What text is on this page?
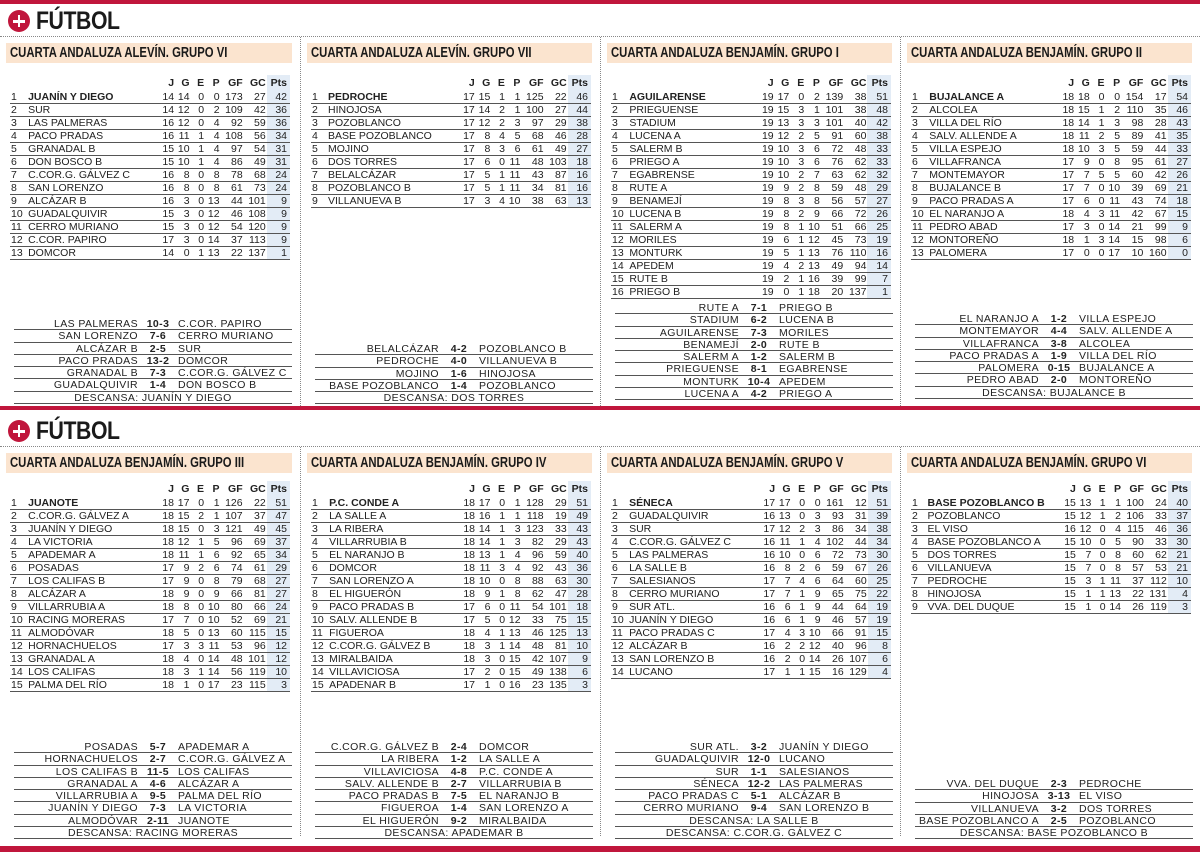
FÚTBOL
FÚTBOL
CUARTA ANDALUZA ALEVÍN. GRUPO VI
		J	G	E	P	GF	GC	Pts
1	JUANÍN Y DIEGO	14	14	0	0	173	27	42
2	SUR	14	12	0	2	109	42	36
3	LAS PALMERAS	16	12	0	4	92	59	36
4	PACO PRADAS	16	11	1	4	108	56	34
5	GRANADAL B	15	10	1	4	97	54	31
6	DON BOSCO B	15	10	1	4	86	49	31
7	C.COR.G. GÁLVEZ C	16	8	0	8	78	68	24
8	SAN LORENZO	16	8	0	8	61	73	24
9	ALCÁZAR B	16	3	0	13	44	101	9
10	GUADALQUIVIR	15	3	0	12	46	108	9
11	CERRO MURIANO	15	3	0	12	54	120	9
12	C.COR. PAPIRO	17	3	0	14	37	113	9
13	DOMCOR	14	0	1	13	22	137	1
LAS PALMERAS 10-3 C.COR. PAPIRO
SAN LORENZO	7-6	CERRO MURIANO
ALCÁZAR B	2-5	SUR
PACO PRADAS 13-2 DOMCOR
GRANADAL B	7-3	C.COR.G. GÁLVEZ C
GUADALQUIVIR	1-4	DON BOSCO B
DESCANSA: JUANÍN Y DIEGO
CUARTA ANDALUZA ALEVÍN. GRUPO VII
		J	G	E	P	GF	GC	Pts
1	PEDROCHE	17	15	1	1	125	22	46
2	HINOJOSA	17	14	2	1	100	27	44
3	POZOBLANCO	17	12	2	3	97	29	38
4	BASE POZOBLANCO	17	8	4	5	68	46	28
5	MOJINO	17	8	3	6	61	49	27
6	DOS TORRES	17	6	0	11	48	103	18
7	BELALCÁZAR	17	5	1	11	43	87	16
8	POZOBLANCO B	17	5	1	11	34	81	16
9	VILLANUEVA B	17	3	4	10	38	63	13
BELALCÁZAR	4-2	POZOBLANCO B
PEDROCHE	4-0	VILLANUEVA B
MOJINO	1-6	HINOJOSA
BASE POZOBLANCO	1-4	POZOBLANCO
DESCANSA: DOS TORRES
CUARTA ANDALUZA BENJAMÍN. GRUPO I
		J	G	E	P	GF	GC	Pts
1	AGUILARENSE	19	17	0	2	139	38	51
2	PRIEGUENSE	19	15	3	1	101	38	48
3	STADIUM	19	13	3	3	101	40	42
4	LUCENA A	19	12	2	5	91	60	38
5	SALERM B	19	10	3	6	72	48	33
6	PRIEGO A	19	10	3	6	76	62	33
7	EGABRENSE	19	10	2	7	63	62	32
8	RUTE A	19	9	2	8	59	48	29
9	BENAMEJÍ	19	8	3	8	56	57	27
10	LUCENA B	19	8	2	9	66	72	26
11	SALERM A	19	8	1	10	51	66	25
12	MORILES	19	6	1	12	45	73	19
13	MONTURK	19	5	1	13	76	110	16
14	APEDEM	19	4	2	13	49	94	14
15	RUTE B	19	2	1	16	39	99	7
16	PRIEGO B	19	0	1	18	20	137	1
RUTE A	7-1	PRIEGO B
STADIUM	6-2	LUCENA B
AGUILARENSE	7-3	MORILES
BENAMEJÍ	2-0	RUTE B
SALERM A	1-2	SALERM B
PRIEGUENSE	8-1	EGABRENSE
MONTURK 10-4 APEDEM
LUCENA A	4-2	PRIEGO A
CUARTA ANDALUZA BENJAMÍN. GRUPO II
		J	G	E	P	GF	GC	Pts
1	BUJALANCE A	18	18	0	0	154	17	54
2	ALCOLEA	18	15	1	2	110	35	46
3	VILLA DEL RÍO	18	14	1	3	98	28	43
4	SALV. ALLENDE A	18	11	2	5	89	41	35
5	VILLA ESPEJO	18	10	3	5	59	44	33
6	VILLAFRANCA	17	9	0	8	95	61	27
7	MONTEMAYOR	17	7	5	5	60	42	26
8	BUJALANCE B	17	7	0	10	39	69	21
9	PACO PRADAS A	17	6	0	11	43	74	18
10	EL NARANJO A	18	4	3	11	42	67	15
11	PEDRO ABAD	17	3	0	14	21	99	9
12	MONTOREÑO	18	1	3	14	15	98	6
13	PALOMERA	17	0	0	17	10	160	0
EL NARANJO A	1-2	VILLA ESPEJO
MONTEMAYOR	4-4	SALV. ALLENDE A
VILLAFRANCA	3-8	ALCOLEA
PACO PRADAS A	1-9	VILLA DEL RÍO
PALOMERA 0-15 BUJALANCE A
PEDRO ABAD	2-0	MONTOREÑO
DESCANSA: BUJALANCE B
CUARTA ANDALUZA BENJAMÍN. GRUPO III
		J	G	E	P	GF	GC	Pts
1	JUANOTE	18	17	0	1	126	22	51
2	C.COR.G. GÁLVEZ A	18	15	2	1	107	37	47
3	JUANÍN Y DIEGO	18	15	0	3	121	49	45
4	LA VICTORIA	18	12	1	5	96	69	37
5	APADEMAR A	18	11	1	6	92	65	34
6	POSADAS	17	9	2	6	74	61	29
7	LOS CALIFAS B	17	9	0	8	79	68	27
8	ALCÁZAR A	18	9	0	9	66	81	27
9	VILLARRUBIA A	18	8	0	10	80	66	24
10	RACING MORERAS	17	7	0	10	52	69	21
11	ALMODÓVAR	18	5	0	13	60	115	15
12	HORNACHUELOS	17	3	3	11	53	96	12
13	GRANADAL A	18	4	0	14	48	101	12
14	LOS CALIFAS	18	3	1	14	56	119	10
15	PALMA DEL RÍO	18	1	0	17	23	115	3
POSADAS	5-7	APADEMAR A
HORNACHUELOS	2-7	C.COR.G. GÁLVEZ A
LOS CALIFAS B 11-5 LOS CALIFAS
GRANADAL A	4-6	ALCÁZAR A
VILLARRUBIA A	9-5	PALMA DEL RÍO
JUANÍN Y DIEGO	7-3	LA VICTORIA
ALMODÓVAR 2-11 JUANOTE
DESCANSA: RACING MORERAS
CUARTA ANDALUZA BENJAMÍN. GRUPO IV
		J	G	E	P	GF	GC	Pts
1	P.C. CONDE A	18	17	0	1	128	29	51
2	LA SALLE A	18	16	1	1	118	19	49
3	LA RIBERA	18	14	1	3	123	33	43
4	VILLARRUBIA B	18	14	1	3	82	29	43
5	EL NARANJO B	18	13	1	4	96	59	40
6	DOMCOR	18	11	3	4	92	43	36
7	SAN LORENZO A	18	10	0	8	88	63	30
8	EL HIGUERÓN	18	9	1	8	62	47	28
9	PACO PRADAS B	17	6	0	11	54	101	18
10	SALV. ALLENDE B	17	5	0	12	33	75	15
11	FIGUEROA	18	4	1	13	46	125	13
12	C.COR.G. GÁLVEZ B	18	3	1	14	48	81	10
13	MIRALBAIDA	18	3	0	15	42	107	9
14	VILLAVICIOSA	17	2	0	15	49	138	6
15	APADENAR B	17	1	0	16	23	135	3
C.COR.G. GÁLVEZ B	2-4	DOMCOR
LA RIBERA	1-2	LA SALLE A
VILLAVICIOSA	4-8	P.C. CONDE A
SALV. ALLENDE B	2-7	VILLARRUBIA B
PACO PRADAS B	7-5	EL NARANJO B
FIGUEROA	1-4	SAN LORENZO A
EL HIGUERÓN	9-2	MIRALBAIDA
DESCANSA: APADEMAR B
CUARTA ANDALUZA BENJAMÍN. GRUPO V
		J	G	E	P	GF	GC	Pts
1	SÉNECA	17	17	0	0	161	12	51
2	GUADALQUIVIR	16	13	0	3	93	31	39
3	SUR	17	12	2	3	86	34	38
4	C.COR.G. GÁLVEZ C	16	11	1	4	102	44	34
5	LAS PALMERAS	16	10	0	6	72	73	30
6	LA SALLE B	16	8	2	6	59	67	26
7	SALESIANOS	17	7	4	6	64	60	25
8	CERRO MURIANO	17	7	1	9	65	75	22
9	SUR ATL.	16	6	1	9	44	64	19
10	JUANÍN Y DIEGO	16	6	1	9	46	57	19
11	PACO PRADAS C	17	4	3	10	66	91	15
12	ALCÁZAR B	16	2	2	12	40	96	8
13	SAN LORENZO B	16	2	0	14	26	107	6
14	LUCANO	17	1	1	15	16	129	4
SUR ATL.	3-2	JUANÍN Y DIEGO
GUADALQUIVIR 12-0 LUCANO
SUR	1-1	SALESIANOS
SÉNECA 12-2 LAS PALMERAS
PACO PRADAS C	5-1	ALCÁZAR B
CERRO MURIANO	9-4	SAN LORENZO B
DESCANSA: LA SALLE B
DESCANSA: C.COR.G. GÁLVEZ C
CUARTA ANDALUZA BENJAMÍN. GRUPO VI
		J	G	E	P	GF	GC	Pts
1	BASE POZOBLANCO B	15	13	1	1	100	24	40
2	POZOBLANCO	15	12	1	2	106	33	37
3	EL VISO	16	12	0	4	115	46	36
4	BASE POZOBLANCO A	15	10	0	5	90	33	30
5	DOS TORRES	15	7	0	8	60	62	21
6	VILLANUEVA	15	7	0	8	57	53	21
7	PEDROCHE	15	3	1	11	37	112	10
8	HINOJOSA	15	1	1	13	22	131	4
9	VVA. DEL DUQUE	15	1	0	14	26	119	3
VVA. DEL DUQUE	2-3	PEDROCHE
HINOJOSA 3-13 EL VISO
VILLANUEVA	3-2	DOS TORRES
BASE POZOBLANCO A	2-5	POZOBLANCO
DESCANSA: BASE POZOBLANCO B
